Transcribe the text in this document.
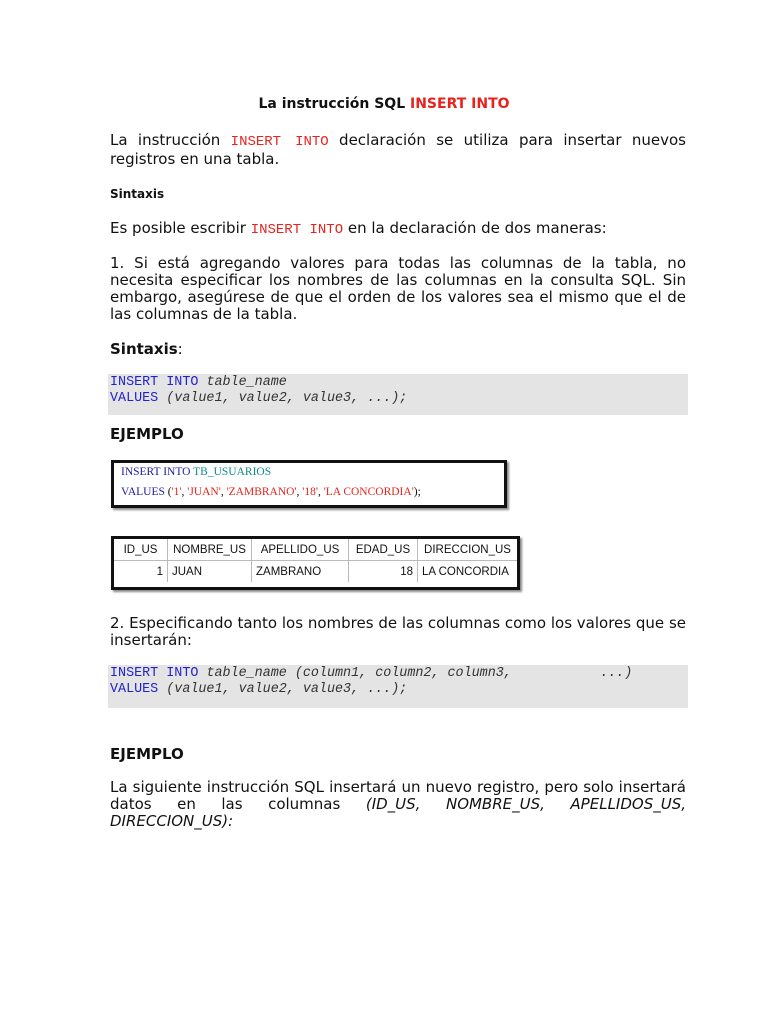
La instrucción SQL INSERT INTO
La instrucción INSERT INTO declaración se utiliza para insertar nuevos registros en una tabla.
Sintaxis
Es posible escribir INSERT INTO en la declaración de dos maneras:
1. Si está agregando valores para todas las columnas de la tabla, no necesita especificar los nombres de las columnas en la consulta SQL. Sin embargo, asegúrese de que el orden de los valores sea el mismo que el de las columnas de la tabla.
Sintaxis:

INSERT INTO table_name

VALUES (value1, value2, value3, ...);

EJEMPLO
INSERT INTO TB_USUARIOS
VALUES ('1', 'JUAN', 'ZAMBRANO', '18', 'LA CONCORDIA');
ID_US	NOMBRE_US	APELLIDO_US	EDAD_US	DIRECCION_US
1	JUAN	ZAMBRANO	18	LA CONCORDIA
2. Especificando tanto los nombres de las columnas como los valores que se insertarán:

INSERT INTO table_name (column1, column2, column3,           ...)

VALUES (value1, value2, value3, ...);

EJEMPLO
La siguiente instrucción SQL insertará un nuevo registro, pero solo insertará datos en las columnas (ID_US, NOMBRE_US, APELLIDOS_US, DIRECCION_US):
